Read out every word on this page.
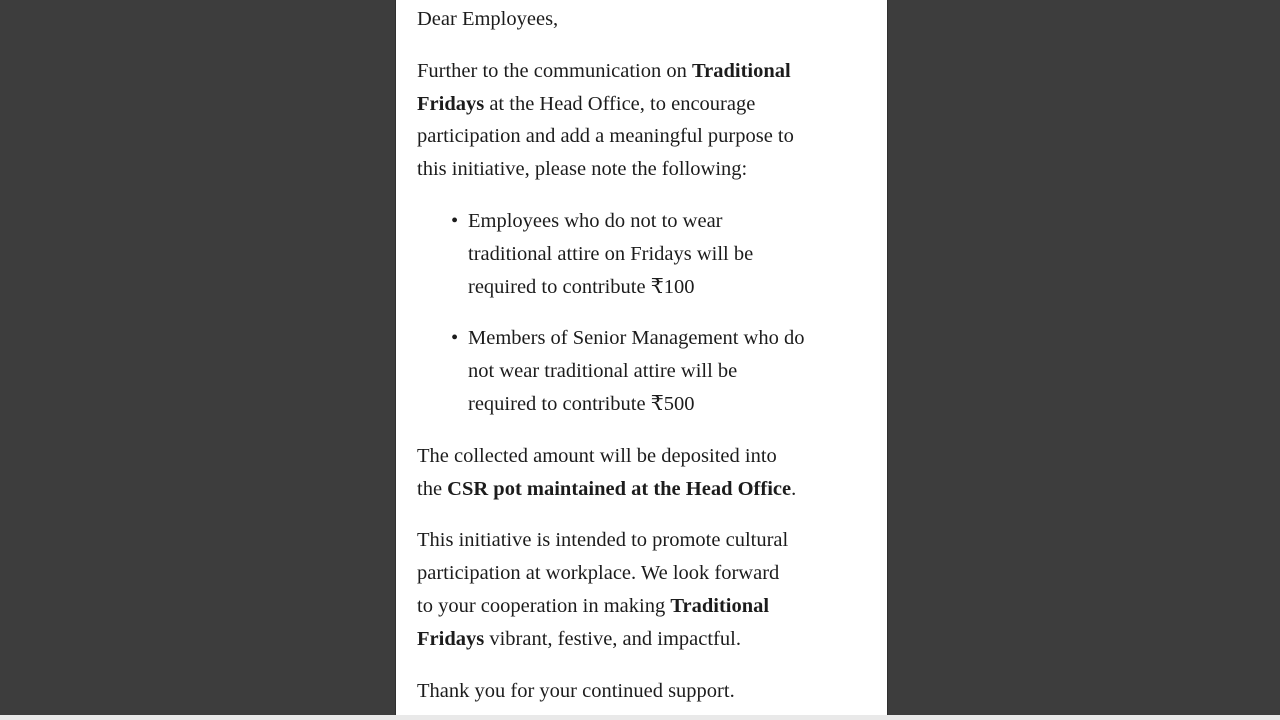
Dear Employees,
Further to the communication on Traditional
Fridays at the Head Office, to encourage
participation and add a meaningful purpose to
this initiative, please note the following:
• Employees who do not to wear
traditional attire on Fridays will be
required to contribute ₹100
• Members of Senior Management who do
not wear traditional attire will be
required to contribute ₹500
The collected amount will be deposited into
the CSR pot maintained at the Head Office.
This initiative is intended to promote cultural
participation at workplace. We look forward
to your cooperation in making Traditional
Fridays vibrant, festive, and impactful.
Thank you for your continued support.
